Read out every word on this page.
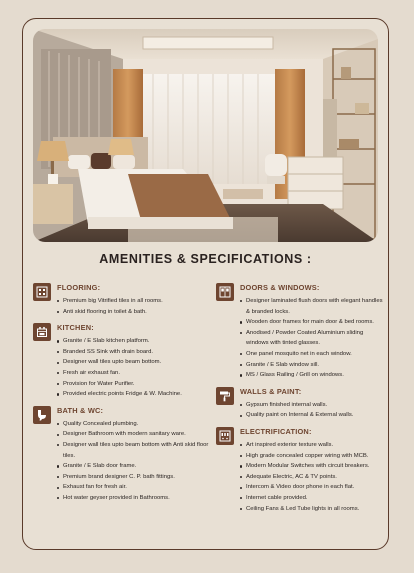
AMENITIES & SPECIFICATIONS :
FLOORING:
Premium big Vitrified tiles in all rooms.
Anti skid flooring in toilet & bath.
KITCHEN:
Granite / E Slab kitchen platform.
Branded SS Sink with drain board.
Designer wall tiles upto beam bottom.
Fresh air exhaust fan.
Provision for Water Purifier.
Provided electric points Fridge & W. Machine.
BATH & WC:
Quality Concealed plumbing.
Designer Bathroom with modern sanitary ware.
Designer wall tiles upto beam bottom with Anti skid floor tiles.
Granite / E Slab door frame.
Premium brand designer C. P. bath fittings.
Exhaust fan for fresh air.
Hot water geyser provided in Bathrooms.
DOORS & WINDOWS:
Designer laminated flush doors with elegant handles & branded locks.
Wooden door frames for main door & bed rooms.
Anodised / Powder Coated Aluminium sliding windows with tinted glasses.
One panel mosquito net in each window.
Granite / E Slab window sill.
MS / Glass Railing / Grill on windows.
WALLS & PAINT:
Gypsum finished internal walls.
Quality paint on Internal & External walls.
ELECTRIFICATION:
Art inspired exterior texture walls.
High grade concealed copper wiring with MCB.
Modern Modular Switches with circuit breakers.
Adequate Electric, AC & TV points.
Intercom & Video door phone in each flat.
Internet cable provided.
Ceiling Fans & Led Tube lights in all rooms.
